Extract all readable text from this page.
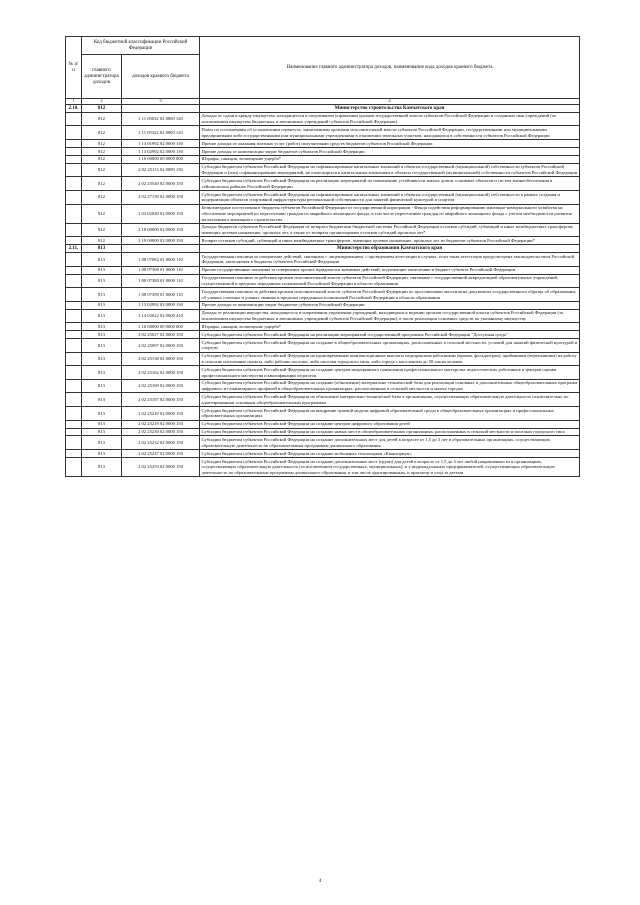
№ п/п	Код бюджетной классификации Российской Федерации		Наименование главного администратора доходов, наименование кода доходов краевого бюджета
	главного администратора доходов	доходов краевого бюджета	
1	2	3	4
2.10.	812		Министерство строительства Камчатского края
	812	1 11 05032 02 0000 120	Доходы от сдачи в аренду имущества, находящегося в оперативном управлении органов государственной власти субъектов Российской Федерации и созданных ими учреждений (за исключением имущества бюджетных и автономных учреждений субъектов Российской Федерации)
	812	1 11 05322 02 0000 120	Плата по соглашениям об установлении сервитута, заключенным органами исполнительной власти субъектов Российской Федерации, государственными или муниципальными предприятиями либо государственными или муниципальными учреждениями в отношении земельных участков, находящихся в собственности субъектов Российской Федерации
	812	1 13 01992 02 0000 130	Прочие доходы от оказания платных услуг (работ) получателями средств бюджетов субъектов Российской Федерации
	812	1 13 02992 02 0000 130	Прочие доходы от компенсации затрат бюджетов субъектов Российской Федерации
	812	1 16 00000 00 0000 000	Штрафы, санкции, возмещение ущерба*
	812	2 02 25113 02 0000 150	Субсидии бюджетам субъектов Российской Федерации на софинансирование капитальных вложений в объекты государственной (муниципальной) собственности субъектов Российской Федерации и (или) софинансирование мероприятий, не относящихся к капитальным вложениям в объекты государственной (муниципальной) собственности субъектов Российской Федерации
	812	2 02 25540 02 0000 150	Субсидии бюджетам субъектов Российской Федерации на реализацию мероприятий по повышению устойчивости жилых домов, основных объектов и систем жизнеобеспечения в сейсмических районах Российской Федерации
	812	2 02 27139 02 0000 150	Субсидии бюджетам субъектов Российской Федерации на софинансирование капитальных вложений в объекты государственной (муниципальной) собственности в рамках создания и модернизации объектов спортивной инфраструктуры региональной собственности для занятий физической культурой и спортом
	812	2 03 02040 02 0000 150	Безвозмездные поступления в бюджеты субъектов Российской Федерации от государственной корпорации - Фонда содействия реформированию жилищно-коммунального хозяйства на обеспечение мероприятий по переселению граждан из аварийного жилищного фонда, в том числе переселению граждан из аварийного жилищного фонда с учетом необходимости развития малоэтажного жилищного строительства
	812	2 18 00000 02 0000 150	Доходы бюджетов субъектов Российской Федерации от возврата бюджетами бюджетной системы Российской Федерации остатков субсидий, субвенций и иных межбюджетных трансфертов, имеющих целевое назначение, прошлых лет, а также от возврата организациями остатков субсидий прошлых лет*
	812	2 19 00000 02 0000 150	Возврат остатков субсидий, субвенций и иных межбюджетных трансфертов, имеющих целевое назначение, прошлых лет из бюджетов субъектов Российской Федерации*
2.11.	813		Министерство образования Камчатского края
	813	1 08 07082 01 0000 110	Государственная пошлина за совершение действий, связанных с лицензированием, с проведением аттестации в случаях, если такая аттестация предусмотрена законодательством Российской Федерации, зачисляемая в бюджеты субъектов Российской Федерации
	813	1 08 07300 01 0000 110	Прочие государственные пошлины за совершение прочих юридически значимых действий, подлежащие зачислению в бюджет субъекта Российской Федерации
	813	1 08 07380 01 0000 110	Государственная пошлина за действия органов исполнительной власти субъектов Российской Федерации, связанные с государственной аккредитацией образовательных учреждений, осуществляемой в пределах переданных полномочий Российской Федерации в области образования
	813	1 08 07390 01 0000 110	Государственная пошлина за действия органов исполнительной власти субъектов Российской Федерации по проставлению апостиля на документах государственного образца об образовании, об ученых степенях и ученых званиях в пределах переданных полномочий Российской Федерации в области образования
	813	1 13 02992 02 0000 130	Прочие доходы от компенсации затрат бюджетов субъектов Российской Федерации
	813	1 14 02022 02 0000 410	Доходы от реализации имущества, находящегося в оперативном управлении учреждений, находящихся в ведении органов государственной власти субъектов Российской Федерации (за исключением имущества бюджетных и автономных учреждений субъектов Российской Федерации), в части реализации основных средств по указанному имуществу
	813	1 16 00000 00 0000 000	Штрафы, санкции, возмещение ущерба*
	813	2 02 25027 02 0000 150	Субсидии бюджетам субъектов Российской Федерации на реализацию мероприятий государственной программы Российской Федерации "Доступная среда"
	813	2 02 25097 02 0000 150	Субсидии бюджетам субъектов Российской Федерации на создание в общеобразовательных организациях, расположенных в сельской местности, условий для занятий физической культурой и спортом
	813	2 02 25138 02 0000 150	Субсидии бюджетам субъектов Российской Федерации на единовременные компенсационные выплаты медицинским работникам (врачам, фельдшерам), прибывшим (переехавшим) на работу в сельские населенные пункты, либо рабочие поселки, либо поселки городского типа, либо города с населением до 50 тысяч человек
	813	2 02 25162 02 0000 150	Субсидии бюджетам субъектов Российской Федерации на создание центров непрерывного повышения профессионального мастерства педагогических работников и центров оценки профессионального мастерства и квалификации педагогов
	813	2 02 25169 02 0000 150	Субсидии бюджетам субъектов Российской Федерации на создание (обновление) материально-технической базы для реализации основных и дополнительных общеобразовательных программ цифрового и гуманитарного профилей в общеобразовательных организациях, расположенных в сельской местности и малых городах
	813	2 02 25187 02 0000 150	Субсидии бюджетам субъектов Российской Федерации на обновление материально-технической базы в организациях, осуществляющих образовательную деятельность исключительно по адаптированным основным общеобразовательным программам
	813	2 02 25210 02 0000 150	Субсидии бюджетам субъектов Российской Федерации на внедрение целевой модели цифровой образовательной среды в общеобразовательных организациях и профессиональных образовательных организациях
	813	2 02 25219 02 0000 150	Субсидии бюджетам субъектов Российской Федерации на создание центров цифрового образования детей
	813	2 02 25230 02 0000 150	Субсидии бюджетам субъектов Российской Федерации на создание новых мест в общеобразовательных организациях, расположенных в сельской местности и поселках городского типа
	813	2 02 25232 02 0000 150	Субсидии бюджетам субъектов Российской Федерации на создание дополнительных мест для детей в возрасте от 1,5 до 3 лет в образовательных организациях, осуществляющих образовательную деятельность по образовательным программам дошкольного образования
	813	2 02 25247 02 0000 150	Субсидии бюджетам субъектов Российской Федерации на создание мобильных технопарков «Кванториум»
	813	2 02 25253 02 0000 150	Субсидии бюджетам субъектов Российской Федерации на создание дополнительных мест (групп) для детей в возрасте от 1,5 до 3 лет любой направленности в организациях, осуществляющих образовательную деятельность (за исключением государственных, муниципальных), и у индивидуальных предпринимателей, осуществляющих образовательную деятельность по образовательным программам дошкольного образования, в том числе адаптированным, и присмотр и уход за детьми
4
